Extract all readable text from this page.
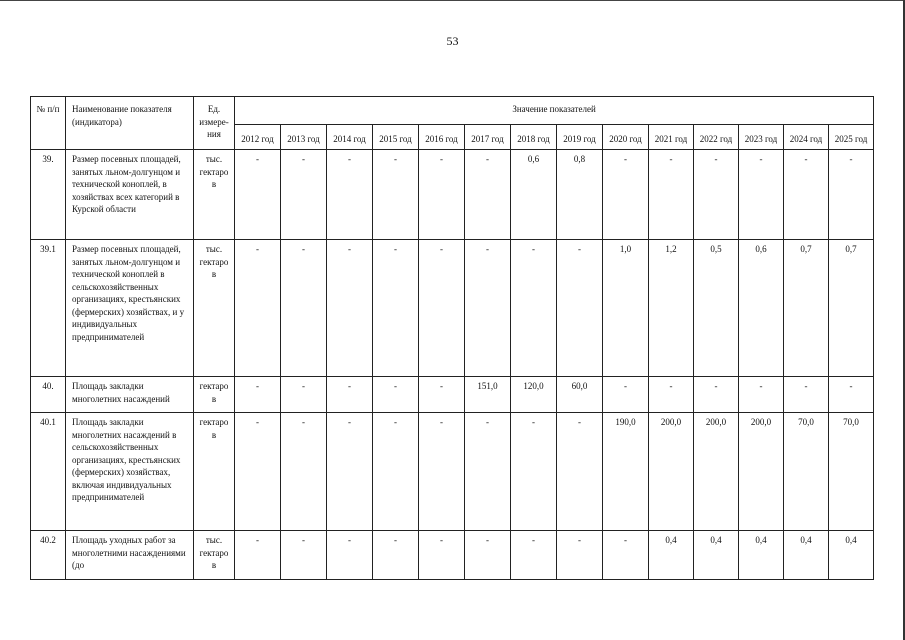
53
№ п/п	Наименование показателя (индикатора)	Ед. измере-ния	Значение показателей													
			2012 год	2013 год	2014 год	2015 год	2016 год	2017 год	2018 год	2019 год	2020 год	2021 год	2022 год	2023 год	2024 год	2025 год
39.	Размер посевных площадей, занятых льном-долгунцом и технической коноплей, в хозяйствах всех категорий в Курской области	тыс. гектаро в	-	-	-	-	-	-	0,6	0,8	-	-	-	-	-	-
39.1	Размер посевных площадей, занятых льном-долгунцом и технической коноплей в сельскохозяйственных организациях, крестьянских (фермерских) хозяйствах, и у индивидуальных предпринимателей	тыс. гектаро в	-	-	-	-	-	-	-	-	1,0	1,2	0,5	0,6	0,7	0,7
40.	Площадь закладки многолетних насаждений	гектаро в	-	-	-	-	-	151,0	120,0	60,0	-	-	-	-	-	-
40.1	Площадь закладки многолетних насаждений в сельскохозяйственных организациях, крестьянских (фермерских) хозяйствах, включая индивидуальных предпринимателей	гектаро в	-	-	-	-	-	-	-	-	190,0	200,0	200,0	200,0	70,0	70,0
40.2	Площадь уходных работ за многолетними насаждениями (до	тыс. гектаро в	-	-	-	-	-	-	-	-	-	0,4	0,4	0,4	0,4	0,4
